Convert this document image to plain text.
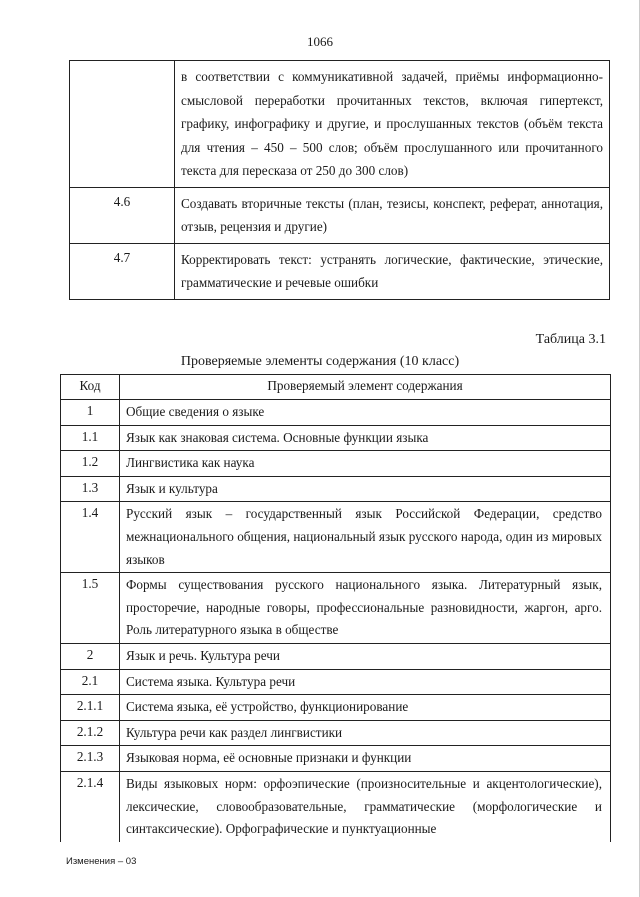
1066
	в соответствии с коммуникативной задачей, приёмы информационно-смысловой переработки прочитанных текстов, включая гипертекст, графику, инфографику и другие, и прослушанных текстов (объём текста для чтения – 450 – 500 слов; объём прослушанного или прочитанного текста для пересказа от 250 до 300 слов)
4.6	Создавать вторичные тексты (план, тезисы, конспект, реферат, аннотация, отзыв, рецензия и другие)
4.7	Корректировать текст: устранять логические, фактические, этические, грамматические и речевые ошибки
Таблица 3.1
Проверяемые элементы содержания (10 класс)
Код	Проверяемый элемент содержания
1	Общие сведения о языке
1.1	Язык как знаковая система. Основные функции языка
1.2	Лингвистика как наука
1.3	Язык и культура
1.4	Русский язык – государственный язык Российской Федерации, средство межнационального общения, национальный язык русского народа, один из мировых языков
1.5	Формы существования русского национального языка. Литературный язык, просторечие, народные говоры, профессиональные разновидности, жаргон, арго. Роль литературного языка в обществе
2	Язык и речь. Культура речи
2.1	Система языка. Культура речи
2.1.1	Система языка, её устройство, функционирование
2.1.2	Культура речи как раздел лингвистики
2.1.3	Языковая норма, её основные признаки и функции
2.1.4	Виды языковых норм: орфоэпические (произносительные и акцентологические), лексические, словообразовательные, грамматические (морфологические и синтаксические). Орфографические и пунктуационные
Изменения – 03
